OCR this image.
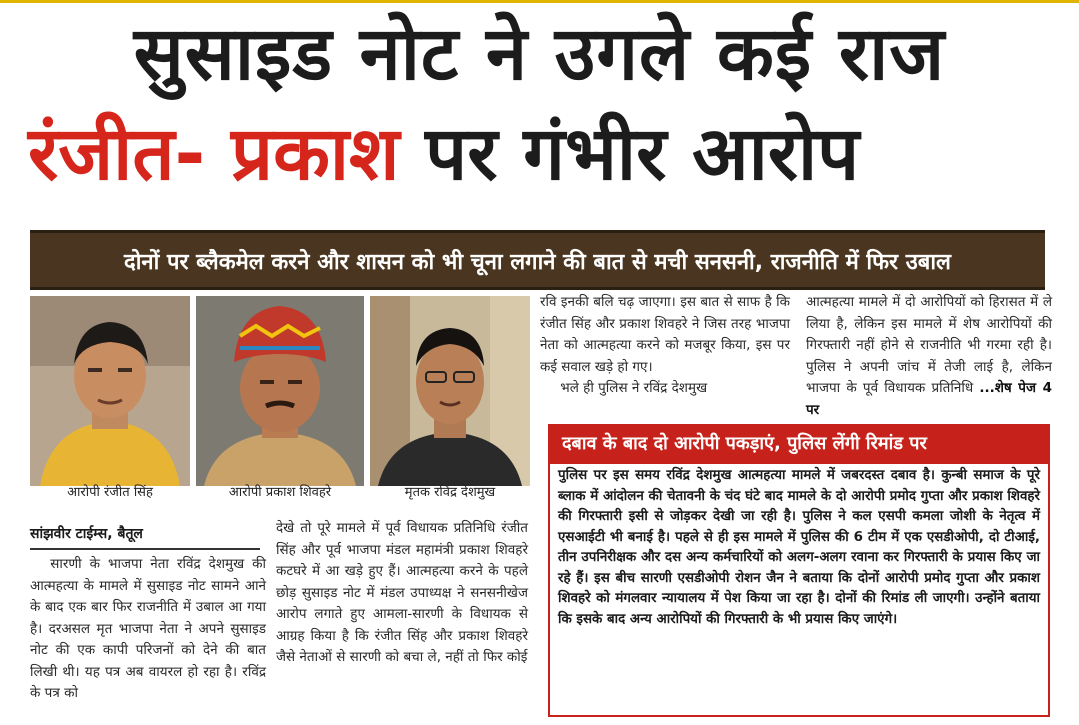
सुसाइड नोट ने उगले कई राज
रंजीत- प्रकाश पर गंभीर आरोप
दोनों पर ब्लैकमेल करने और शासन को भी चूना लगाने की बात से मची सनसनी, राजनीति में फिर उबाल
आरोपी रंजीत सिंह	आरोपी प्रकाश शिवहरे	मृतक रविंद्र देशमुख
सांझवीर टाईम्स, बैतूल

सारणी के भाजपा नेता रविंद्र देशमुख की आत्महत्या के मामले में सुसाइड नोट सामने आने के बाद एक बार फिर राजनीति में उबाल आ गया है। दरअसल मृत भाजपा नेता ने अपने सुसाइड नोट की एक कापी परिजनों को देने की बात लिखी थी। यह पत्र अब वायरल हो रहा है। रविंद्र के पत्र को

देखे तो पूरे मामले में पूर्व विधायक प्रतिनिधि रंजीत सिंह और पूर्व भाजपा मंडल महामंत्री प्रकाश शिवहरे कटघरे में आ खड़े हुए हैं। आत्महत्या करने के पहले छोड़ सुसाइड नोट में मंडल उपाध्यक्ष ने सनसनीखेज आरोप लगाते हुए आमला-सारणी के विधायक से आग्रह किया है कि रंजीत सिंह और प्रकाश शिवहरे जैसे नेताओं से सारणी को बचा ले, नहीं तो फिर कोई

रवि इनकी बलि चढ़ जाएगा। इस बात से साफ है कि रंजीत सिंह और प्रकाश शिवहरे ने जिस तरह भाजपा नेता को आत्महत्या करने को मजबूर किया, इस पर कई सवाल खड़े हो गए।

भले ही पुलिस ने रविंद्र देशमुख

आत्महत्या मामले में दो आरोपियों को हिरासत में ले लिया है, लेकिन इस मामले में शेष आरोपियों की गिरफ्तारी नहीं होने से राजनीति भी गरमा रही है। पुलिस ने अपनी जांच में तेजी लाई है, लेकिन भाजपा के पूर्व विधायक प्रतिनिधि ...शेष पेज 4 पर

दबाव के बाद दो आरोपी पकड़ाएं, पुलिस लेंगी रिमांड पर

पुलिस पर इस समय रविंद्र देशमुख आत्महत्या मामले में जबरदस्त दबाव है। कुन्बी समाज के पूरे ब्लाक में आंदोलन की चेतावनी के चंद घंटे बाद मामले के दो आरोपी प्रमोद गुप्ता और प्रकाश शिवहरे की गिरफ्तारी इसी से जोड़कर देखी जा रही है। पुलिस ने कल एसपी कमला जोशी के नेतृत्व में एसआईटी भी बनाई है। पहले से ही इस मामले में पुलिस की 6 टीम में एक एसडीओपी, दो टीआई, तीन उपनिरीक्षक और दस अन्य कर्मचारियों को अलग-अलग रवाना कर गिरफ्तारी के प्रयास किए जा रहे हैं। इस बीच सारणी एसडीओपी रोशन जैन ने बताया कि दोनों आरोपी प्रमोद गुप्ता और प्रकाश शिवहरे को मंगलवार न्यायालय में पेश किया जा रहा है। दोनों की रिमांड ली जाएगी। उन्होंने बताया कि इसके बाद अन्य आरोपियों की गिरफ्तारी के भी प्रयास किए जाएंगे।
